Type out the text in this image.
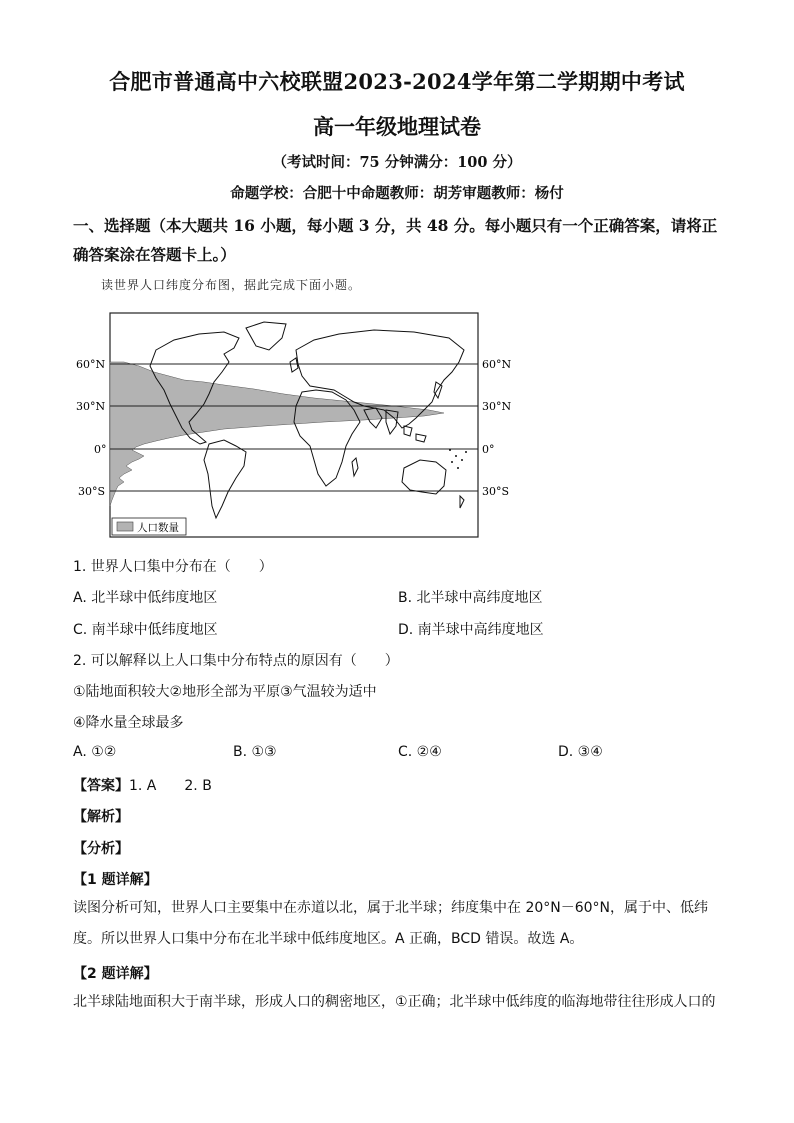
合肥市普通高中六校联盟2023-2024学年第二学期期中考试
高一年级地理试卷
（考试时间：75 分钟满分：100 分）
命题学校：合肥十中命题教师：胡芳审题教师：杨付
一、选择题（本大题共 16 小题，每小题 3 分，共 48 分。每小题只有一个正确答案，请将正确答案涂在答题卡上。）
读世界人口纬度分布图，据此完成下面小题。
60°N
30°N
0°
30°S
60°N
30°N
0°
30°S
人口数量
1. 世界人口集中分布在（　　）
A. 北半球中低纬度地区	B. 北半球中高纬度地区
C. 南半球中低纬度地区	D. 南半球中高纬度地区
2. 可以解释以上人口集中分布特点的原因有（　　）
①陆地面积较大②地形全部为平原③气温较为适中
④降水量全球最多
A. ①②	B. ①③	C. ②④	D. ③④
【答案】1. A　　2. B
【解析】
【分析】
【1 题详解】
读图分析可知，世界人口主要集中在赤道以北，属于北半球；纬度集中在 20°N－60°N，属于中、低纬度。所以世界人口集中分布在北半球中低纬度地区。A 正确，BCD 错误。故选 A。
【2 题详解】
北半球陆地面积大于南半球，形成人口的稠密地区，①正确；北半球中低纬度的临海地带往往形成人口的
